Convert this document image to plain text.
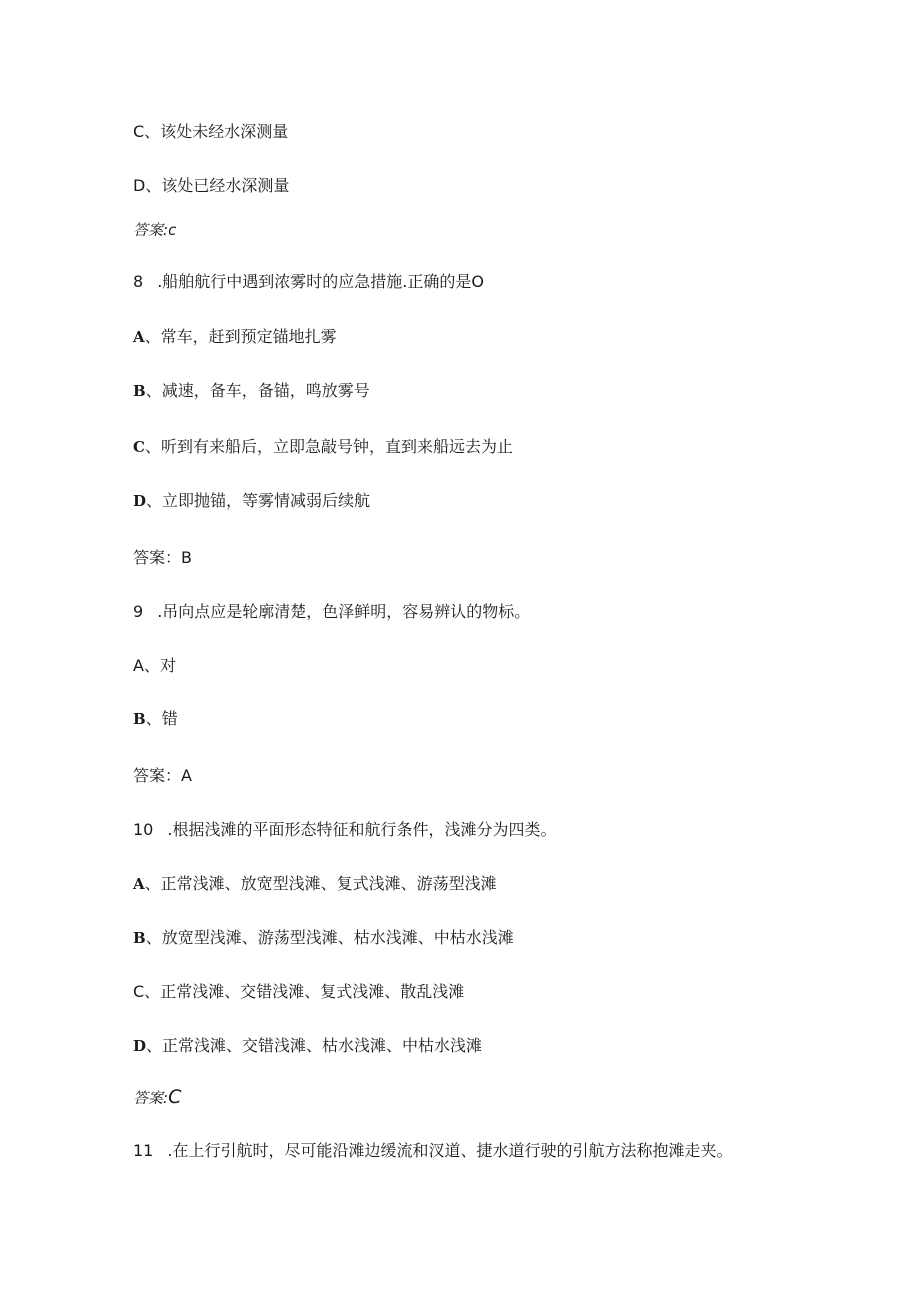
C、该处未经水深测量
D、该处已经水深测量
答案:c
8 .船舶航行中遇到浓雾时的应急措施.正确的是O
A、常车，赶到预定锚地扎雾
B、减速，备车，备锚，鸣放雾号
C、听到有来船后，立即急敲号钟，直到来船远去为止
D、立即抛锚，等雾情减弱后续航
答案：B
9 .吊向点应是轮廓清楚，色泽鲜明，容易辨认的物标。
A、对
B、错
答案：A
10 .根据浅滩的平面形态特征和航行条件，浅滩分为四类。
A、正常浅滩、放宽型浅滩、复式浅滩、游荡型浅滩
B、放宽型浅滩、游荡型浅滩、枯水浅滩、中枯水浅滩
C、正常浅滩、交错浅滩、复式浅滩、散乱浅滩
D、正常浅滩、交错浅滩、枯水浅滩、中枯水浅滩
答案:C
11 .在上行引航时，尽可能沿滩边缓流和汊道、捷水道行驶的引航方法称抱滩走夹。
